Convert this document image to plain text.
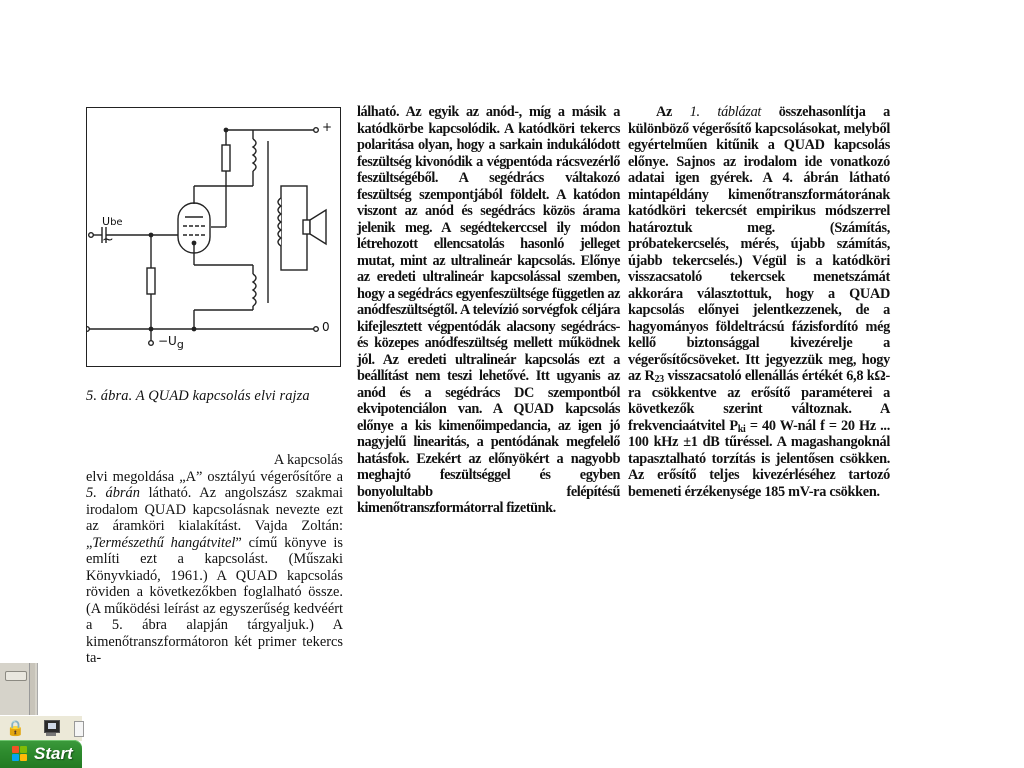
+
0
Ube
~
−Ug
5. ábra. A QUAD kapcsolás elvi rajza
A kapcsolás

elvi megoldása „A” osztályú végerősítőre a 5. ábrán látható. Az angolszász szakmai irodalom QUAD kapcsolásnak nevezte ezt az áramköri kialakítást. Vajda Zoltán: „Természethű hangátvitel” című könyve is említi ezt a kapcsolást. (Műszaki Könyvkiadó, 1961.) A QUAD kapcsolás röviden a következőkben foglalható össze. (A működési leírást az egyszerűség kedvéért a 5. ábra alapján tárgyaljuk.) A kimenőtranszformátoron két primer tekercs ta-

lálható. Az egyik az anód-, míg a másik a katódkörbe kapcsolódik. A katódköri tekercs polaritása olyan, hogy a sarkain indukálódott feszültség kivonódik a végpentóda rácsvezérlő feszültségéből. A segédrács váltakozó feszültség szempontjából földelt. A katódon viszont az anód és segédrács közös árama jelenik meg. A segédtekerccsel ily módon létrehozott ellencsatolás hasonló jelleget mutat, mint az ultralineár kapcsolás. Előnye az eredeti ultralineár kapcsolással szemben, hogy a segédrács egyenfeszültsége független az anódfeszültségtől. A televízió sorvégfok céljára kifejlesztett végpentódák alacsony segédrács- és közepes anódfeszültség mellett működnek jól. Az eredeti ultralineár kapcsolás ezt a beállítást nem teszi lehetővé. Itt ugyanis az anód és a segédrács DC szempontból ekvipotenciálon van. A QUAD kapcsolás előnye a kis kimenőimpedancia, az igen jó nagyjelű linearitás, a pentódának megfelelő hatásfok. Ezekért az előnyökért a nagyobb meghajtó feszültséggel és egyben bonyolultabb felépítésű kimenőtranszformátorral fizetünk.

Az 1. táblázat összehasonlítja a különböző végerősítő kapcsolásokat, melyből egyértelműen kitűnik a QUAD kapcsolás előnye. Sajnos az irodalom ide vonatkozó adatai igen gyérek. A 4. ábrán látható mintapéldány kimenőtranszformátorának katódköri tekercsét empirikus módszerrel határoztuk meg. (Számítás, próbatekercselés, mérés, újabb számítás, újabb tekercselés.) Végül is a katódköri visszacsatoló tekercsek menetszámát akkorára választottuk, hogy a QUAD kapcsolás előnyei jelentkezzenek, de a hagyományos földeltrácsú fázisfordító még kellő biztonsággal kivezérelje a végerősítőcsöveket. Itt jegyezzük meg, hogy az $R_{23}$ visszacsatoló ellenállás értékét 6,8 kΩ-ra csökkentve az erősítő paraméterei a következők szerint változnak. A frekvenciaátvitel $P_{ki} = 40$ W-nál f = 20 Hz ... 100 kHz ±1 dB tűréssel. A magashangoknál tapasztalható torzítás is jelentősen csökken. Az erősítő teljes kivezérléséhez tartozó bemeneti érzékenysége 185 mV-ra csökken.

🔒
Start
